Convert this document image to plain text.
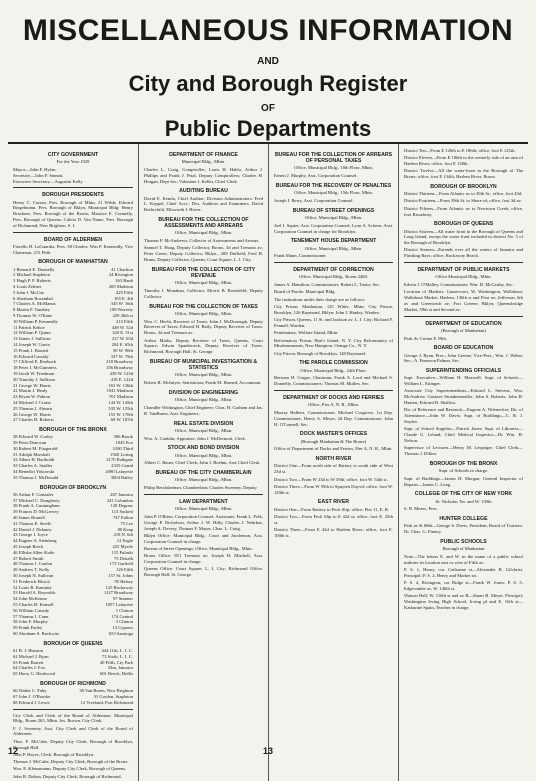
MISCELLANEOUS INFORMATION
AND
City and Borough Register
OF
Public Departments
CITY GOVERNMENT
For the Year 1929
Mayor—John F. Hylan.
Secretary—John F. Sinnott.
Executive Secretary—Augustin Kelly
BOROUGH PRESIDENTS
Henry C. Curran, Pres. Borough of Mhtn, 21 Wilsh; Edward Riegelmann, Pres. Borough of Bklyn, Municipal Bldg; Henry Bruckner, Pres. Borough of the Bronx; Maurice E. Connolly, Pres. Borough of Queens; Calvin D. Van Name, Pres. Borough of Richmond, New Brighton, S. I.
BOARD OF ALDERMEN
Fiorello H. LaGuardia, Pres. 38 Charles; Wm P. Kenneally, Vice Chairman, 215 Fifth
BOROUGH OF MANHATTAN
1 Bernard E. Donnelly	41 Charlton
2 Michael Stapleton	24 Rivington
3 Hugh P. F. Roberts	163 Bank
4 Louis Zeltner	285 Madison
5 John J. McCue	425 Fifth
6 Abraham Rosenthal	165 E. 4th
7 Charles A. McManus	345 W. 16th
8 Martin F. Tanahey	108 Waverly
9 Thomas W. O'Kane	229 26th st
10 William P. Kenneally	215 Fifth
11 Patrick Kehoe	449 W. 52d
12 William F. Quinn	320 E. 51st
13 James J. Sullivan	217 W. 63d
14 Joseph W. Gavin	204 E. 65th
15 Frank J. Barnett	50 W. 90th
16 Edward Cassidy	337 W. 79th
17 Clifford E. Roebuck	218 Broadway
18 Peter J. McGuinness	156 Broadway
19 Jacob W. Friedman	439 W. 123d
20 Timothy J. Sullivan	418 E. 122d
21 George W. Harris	163 W. 136th
22 Martin J. Healy	1941 Madison
23 Bryan W. Fabron	701 Madison
24 Michael J. Cruise	144 W. 145th
25 Thomas J. Ahearn	535 W. 155th
26 George W. Harris	155 W. 170th
27 Charles H. Roberts	68 W. 187th
BOROUGH OF THE BRONX
28 Edward W. Curley	396 Brook
29 Peter Donovan	1045 Fox
30 Robert M. Fitzgerald	3100 Third
31 Adolph Marshall	1920 Loring
32 Albert H. Bartholdi	2170 Bathgate
33 Charles A. Stadler	2335 Grand
34 Benedict Yokowski	2090 Lafayette
35 Thomas J. McDonald	3004 Bailey
BOROUGH OF BROOKLYN
36 Arthur F. Gonzales	267 Jamaica
37 Michael C. Dougherty	241 Columbia
38 Frank A. Cunningham	120 Degraw
39 Francis D. McGarvey	113 Sackett
40 James Brunell	747 Fulton
41 Thomas E. Steele	75 Lee
42 Daniel J. Delaney	80 Keap
43 George J. Joyce	218 N. 6th
44 Eugene A. Steinberg	12 Eagle
45 Joseph Reich	225 Myrtle
46 Ellisha Allen Slotle	115 Pulaski
47 Robert Smith	75 Dekalb
48 Thomas J. Conlon	173 Garfield
49 Andrew T. Kelly	126 Fifth
50 Joseph N. Sullivan	157 St. Johns
51 Frederick Hirsch	95 Halsey
52 Louis B. Kamnitz	125 Rockaway
53 Harold A. Reynolds	1127 Broadway
54 John McKenna	97 Sumner
55 Charles H. Kensell	1057 Lafayette
56 William Cassidy	1 Clinton
57 Thomas J. Cann	174 Central
58 John F. Murphy	3 Clinton
59 Frank Farley	13 Cypress
60 Abraham S. Buckwitz	653 Saratoga
BOROUGH OF QUEENS
61 B. J. Hurston	444 11th, L. I. C.
62 Michael J. Ryan	72 Sixth, L. I. C.
63 Frank Barrett	40 Fifth, Cty Park
64 Charles J. Fox	Elm, Jamaica
65 Harry G. Healwood	601 Beech, Hollis
BOROUGH OF RICHMOND
66 Walter C. Fahy	38 Van Buren, New Brighton
67 John J. O'Rourke	31 Gordon, Stapleton
68 Edward J. Lewis	12 Vreeland, Port Richmond
City Clerk and Clerk of the Board of Aldermen: Municipal Bldg., Room 265, Mhtn. Jos. Brown, City Clerk.
F. J. Sweeney, Asst. City Clerk and Clerk of the Board of Aldermen.
Thos. F. McCabe, Deputy City Clerk, Borough of Brooklyn, Borough Hall.
John P. Hayes, Clerk, Borough of Brooklyn.
Thomas J. McCabe, Deputy City Clerk, Borough of the Bronx.
Wm. E. Kleinsmann, Deputy City Clerk, Borough of Queens.
John R. Dalton, Deputy City Clerk, Borough of Richmond.
DEPARTMENT OF FINANCE
Municipal Bldg., Mhtn.
Charles L. Craig, Comptroller; Louis H. Hahlo, Arthur J. Phillips and Frank J. Prial, Deputy Comptrollers; Charles H. Horgan, Dept Sec; Valentine J. Keller, Chief Clerk.
AUDITING BUREAU
David E. Kemlo, Chief Auditor; Division Administrators: Fred L. Keppel, Chief Acct.; Dvs. Auditors and Examiners, David Rothschild, Ellsworth J. Hover.
BUREAU FOR THE COLLECTION OF ASSESSMENTS AND ARREARS
Office, Municipal Bldg., Mhtn.
Thomas F. McAndrews, Collector of Assessments and Arrears.
Samuel T. Hoag, Deputy Collector, Bronx, 3d and Tremont av; Peter Green, Deputy Collector, Bklyn., 209 Duffield; Fred H. Bruns, Deputy Collector, Queens, Court Square, L. I. City.
BUREAU FOR THE COLLECTION OF CITY REVENUE
Office, Municipal Bldg., Mhtn.
Timothy J. Monahan, Collector; Morris B. Rosenfeld, Deputy Collector.
BUREAU FOR THE COLLECTION OF TAXES
Office, Municipal Bldg., Mhtn.
Wm. C. Hecht, Receiver of Taxes; John J. McDonough, Deputy Receiver of Taxes; Edward H. Baily, Deputy Receiver of Taxes, Bronx, 3d and Tremont av.
Arthur Marks, Deputy Receiver of Taxes, Queens, Court Square; Edwin Spanbroeck, Deputy Receiver of Taxes, Richmond, Borough Hall, St. George.
BUREAU OF MUNICIPAL INVESTIGATION & STATISTICS
Office, Municipal Bldg., Mhtn.
Robert R. McIntyre, Statistician; Frank M. Harned, Accountant.
DIVISION OF ENGINEERING
Office, Municipal Bldg., Mhtn.
Chandler Withington, Chief Engineer; Chas. H. Graham and Jas. B. VanBuren, Asst. Engineers.
REAL ESTATE DIVISION
Office, Municipal Bldg., Mhtn.
Wm. A. Conklin, Appraiser; John J. McDermott, Clerk.
STOCK AND BOND DIVISION
Office, Municipal Bldg., Mhtn.
Albert C. Bauer, Chief Clerk; John J. Boehm, Asst Chief Clerk.
BUREAU OF THE CITY CHAMBERLAIN
Office, Municipal Bldg., Mhtn.
Philip Berolzheimer, Chamberlain; Charles Sweeney, Deputy.
LAW DEPARTMENT
Office, Municipal Bldg., Mhtn.
John P. O'Brien, Corporation Counsel; Assistants: Frank L. Polk, George P. Nicholson, Arthur J. W. Hilly, Charles J. Nehrbas, Joseph A. Devery, Thomas F. Mayer, Chas. L. Craig.
Bklyn Office: Municipal Bldg., Court and Joralemon, Asst. Corporation Counsel in charge.
Bureau of Street Openings: Office, Municipal Bldg., Mhtn.
Bronx Office: 851 Tremont av; Joseph H. Mitchell, Asst. Corporation Counsel in charge.
Queens Office: Court Square, L. I. City; Richmond Office: Borough Hall, St. George.
BUREAU FOR THE COLLECTION OF ARREARS OF PERSONAL TAXES
Office, Municipal Bldg., 10th Floor, Mhtn.
Ernest J. Murphy, Asst. Corporation Counsel.
BUREAU FOR THE RECOVERY OF PENALTIES
Office, Municipal Bldg., 15th Floor, Mhtn.
Joseph I. Berry, Asst. Corporation Counsel.
BUREAU OF STREET OPENINGS
Office, Municipal Bldg., Mhtn.
Joel J. Squier, Asst. Corporation Counsel; Lyon A. Sclaver, Asst. Corporation Counsel in charge for Brooklyn.
TENEMENT HOUSE DEPARTMENT
Office, Municipal Bldg., Mhtn.
Frank Mann, Commissioner.
DEPARTMENT OF CORRECTION
Office, Municipal Bldg., Room 2460.
James A. Hamilton, Commissioner; Robert L. Tudor, Sec.
Board of Parole: Municipal Bldg.
The institutions under their charge are as follows:
City Prison, Manhattan, 125 White, Mhtn; City Prison, Brooklyn, 126 Raymond, Bklyn; John J. Hanley, Warden.
City Prison, Queens, 11 St. and Jackson av, L. I. City; Richard F. Fennell, Warden.
Penitentiary, Welfare Island, Mhtn.
Reformatory Prison, Hart's Island; N. Y. City Reformatory of Misdemeanants, New Hampton, Orange Co., N. Y.
City Prison, Borough of Brooklyn, 148 Raymond.
THE PAROLE COMMISSION
Office, Municipal Bldg., 24th Floor.
Bertram H. Cruger, Chairman; Frank A. Lord and Michael S. Donnelly, Commissioners; Thomas M. Mullen, Sec.
DEPARTMENT OF DOCKS AND FERRIES
Office, Pier A, N. R., Mhtn.
Murray Hulbert, Commissioner; Michael Cosgrove, 1st Dep. Commissioner; Henry A. Meyer, 2d Dep. Commissioner; John H. O'Connell, Sec.
DOCK MASTER'S OFFICES
(Borough Manhattan & The Bronx)
Office of Department of Docks and Ferries, Pier A, N. R., Mhtn.
NORTH RIVER
District One—From north side of Battery to south side of West 23d st.
District Two—From W 23d to W 59th; office, foot W. 54th st.
District Three—From W 59th to Spuyten Duyvil; office, foot W. 129th st.
EAST RIVER
District One—From Battery to Peck Slip; office, Pier 11, E. R.
District Two—From Peck Slip to E 42d st; office, foot E. 25th st.
District Three—From E 42d to Harlem River; office, foot E. 100th st.
District Ten—From E 120th to E 186th; office, foot E 125th.
District Eleven—From E 186th to the westerly side of an arm of Harlem River; office, foot E 138th.
District Twelve—All the water-front in the Borough of The Bronx; office, foot E 134th, Harlem River, Bronx.
BOROUGH OF BROOKLYN
District Thirteen—From Atlantic av to 39th St.; office, foot 43d.
District Fourteen—From 39th St. to Shore rd; office, foot 3d av.
District Fifteen—From Atlantic av to Newtown Creek; office, foot Broadway.
BOROUGH OF QUEENS
District Sixteen—All water front in the Borough of Queens and Long Island, except the water front included in district No. 5 of the Borough of Brooklyn.
District Sixteen—Extends over all the waters of Jamaica and Flushing Bays; office, Rockaway Beach.
DEPARTMENT OF PUBLIC MARKETS
Office Municipal Bldg., Mhtn.
Edwin J. O'Malley, Commissioner; Wm. D. McCarthy, Sec.
Location of Markets: Gansevoort, W. Washington, Wallabout, Wallabout Market, Harlem, 130th st and First av; Jefferson, 6th av and Greenwich av; Fort Greene, Bklyn; Queensbridge Market, 59th st and Second av.
DEPARTMENT OF EDUCATION
(Borough of Manhattan)
Park Av Corner E 59th.
BOARD OF EDUCATION
George J. Ryan, Pres.; John Greene, Vice-Pres.; Wm. J. Weber, Sec.; A. Emerson Palmer, Sec.
SUPERINTENDING OFFICIALS
Supt. Executive—William H. Maxwell; Supt. of Schools—William L. Ettinger.
Associate City Superintendents—Edward L. Stevens, Wm. McAndrew, Gustave Straubenmuller, John S. Roberts, John H. Haaren, Edward B. Shallow.
Dir. of Reference and Research—Eugene A. Nifenecker; Dir. of Attendance—John W. Davis; Supt. of Buildings—C. B. J. Snyder.
Supt. of School Supplies—Patrick Jones; Supt. of Libraries—Claude G. Leland; Chief Medical Inspector—Dr. Wm. H. Nelson.
Supervisor of Lectures—Henry M. Leipziger; Chief Clerk—Thomas J. Dillon.
BOROUGH OF THE BRONX
Supt. of Schools in charge.
Supt. of Buildings—James H. Morgan; General Inspector of Repairs—James C. Long.
COLLEGE OF THE CITY OF NEW YORK
St. Nicholas Ter. and W. 139th
S. B. Mezes, Pres.
HUNTER COLLEGE
Park av & 68th—George S. Davis, President; Board of Trustees: Dr. Chas. G. Finney.
PUBLIC SCHOOLS
Borough of Manhattan
Note—The letters E. and W. in the name of a public school indicate its location east or west of Fifth av.
P. S. 1, Henry, cor. Catharine st—Alexander B. Gilchrist, Principal; P. S. 2, Henry and Market sts.
P. S. 4, Rivington, cor Ridge st—Frank W. Jones; P. S. 5, Edgecombe av, W. 140th st.
Watson Hall, W. 116th st and av B—Stuart B. Meyer, Principal; Washington Irving High School, Irving pl and E. 16th st—Katharine Spain, Teacher in charge.
12	13
